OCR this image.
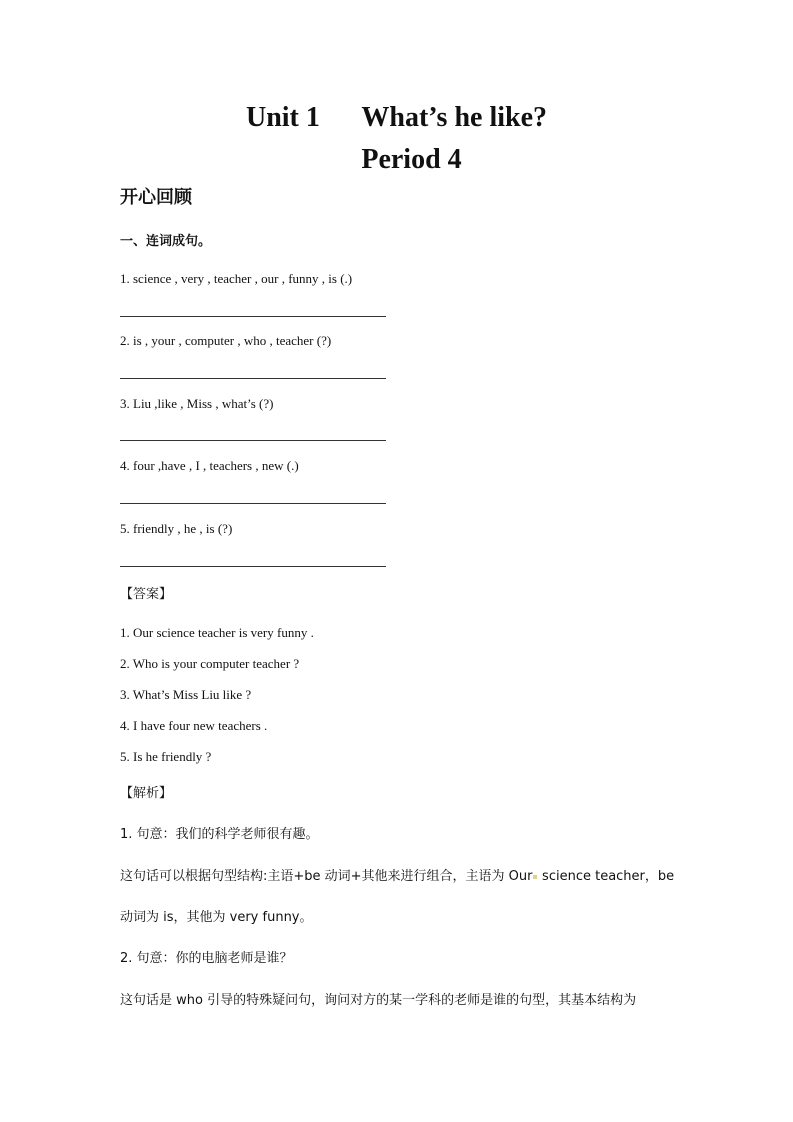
Unit 1      What’s he like?
Period 4
开心回顾
一、连词成句。
1. science , very , teacher , our , funny , is (.)
2. is , your , computer , who , teacher (?)
3. Liu ,like , Miss , what’s (?)
4. four ,have , I , teachers , new (.)
5. friendly , he , is (?)
【答案】
1. Our science teacher is very funny .
2. Who is your computer teacher ?
3. What’s Miss Liu like ?
4. I have four new teachers .
5. Is he friendly ?
【解析】
1. 句意：我们的科学老师很有趣。
这句话可以根据句型结构:主语+be 动词+其他来进行组合，主语为 Our▪ science teacher，be
动词为 is，其他为 very funny。
2. 句意：你的电脑老师是谁？
这句话是 who 引导的特殊疑问句，询问对方的某一学科的老师是谁的句型，其基本结构为
